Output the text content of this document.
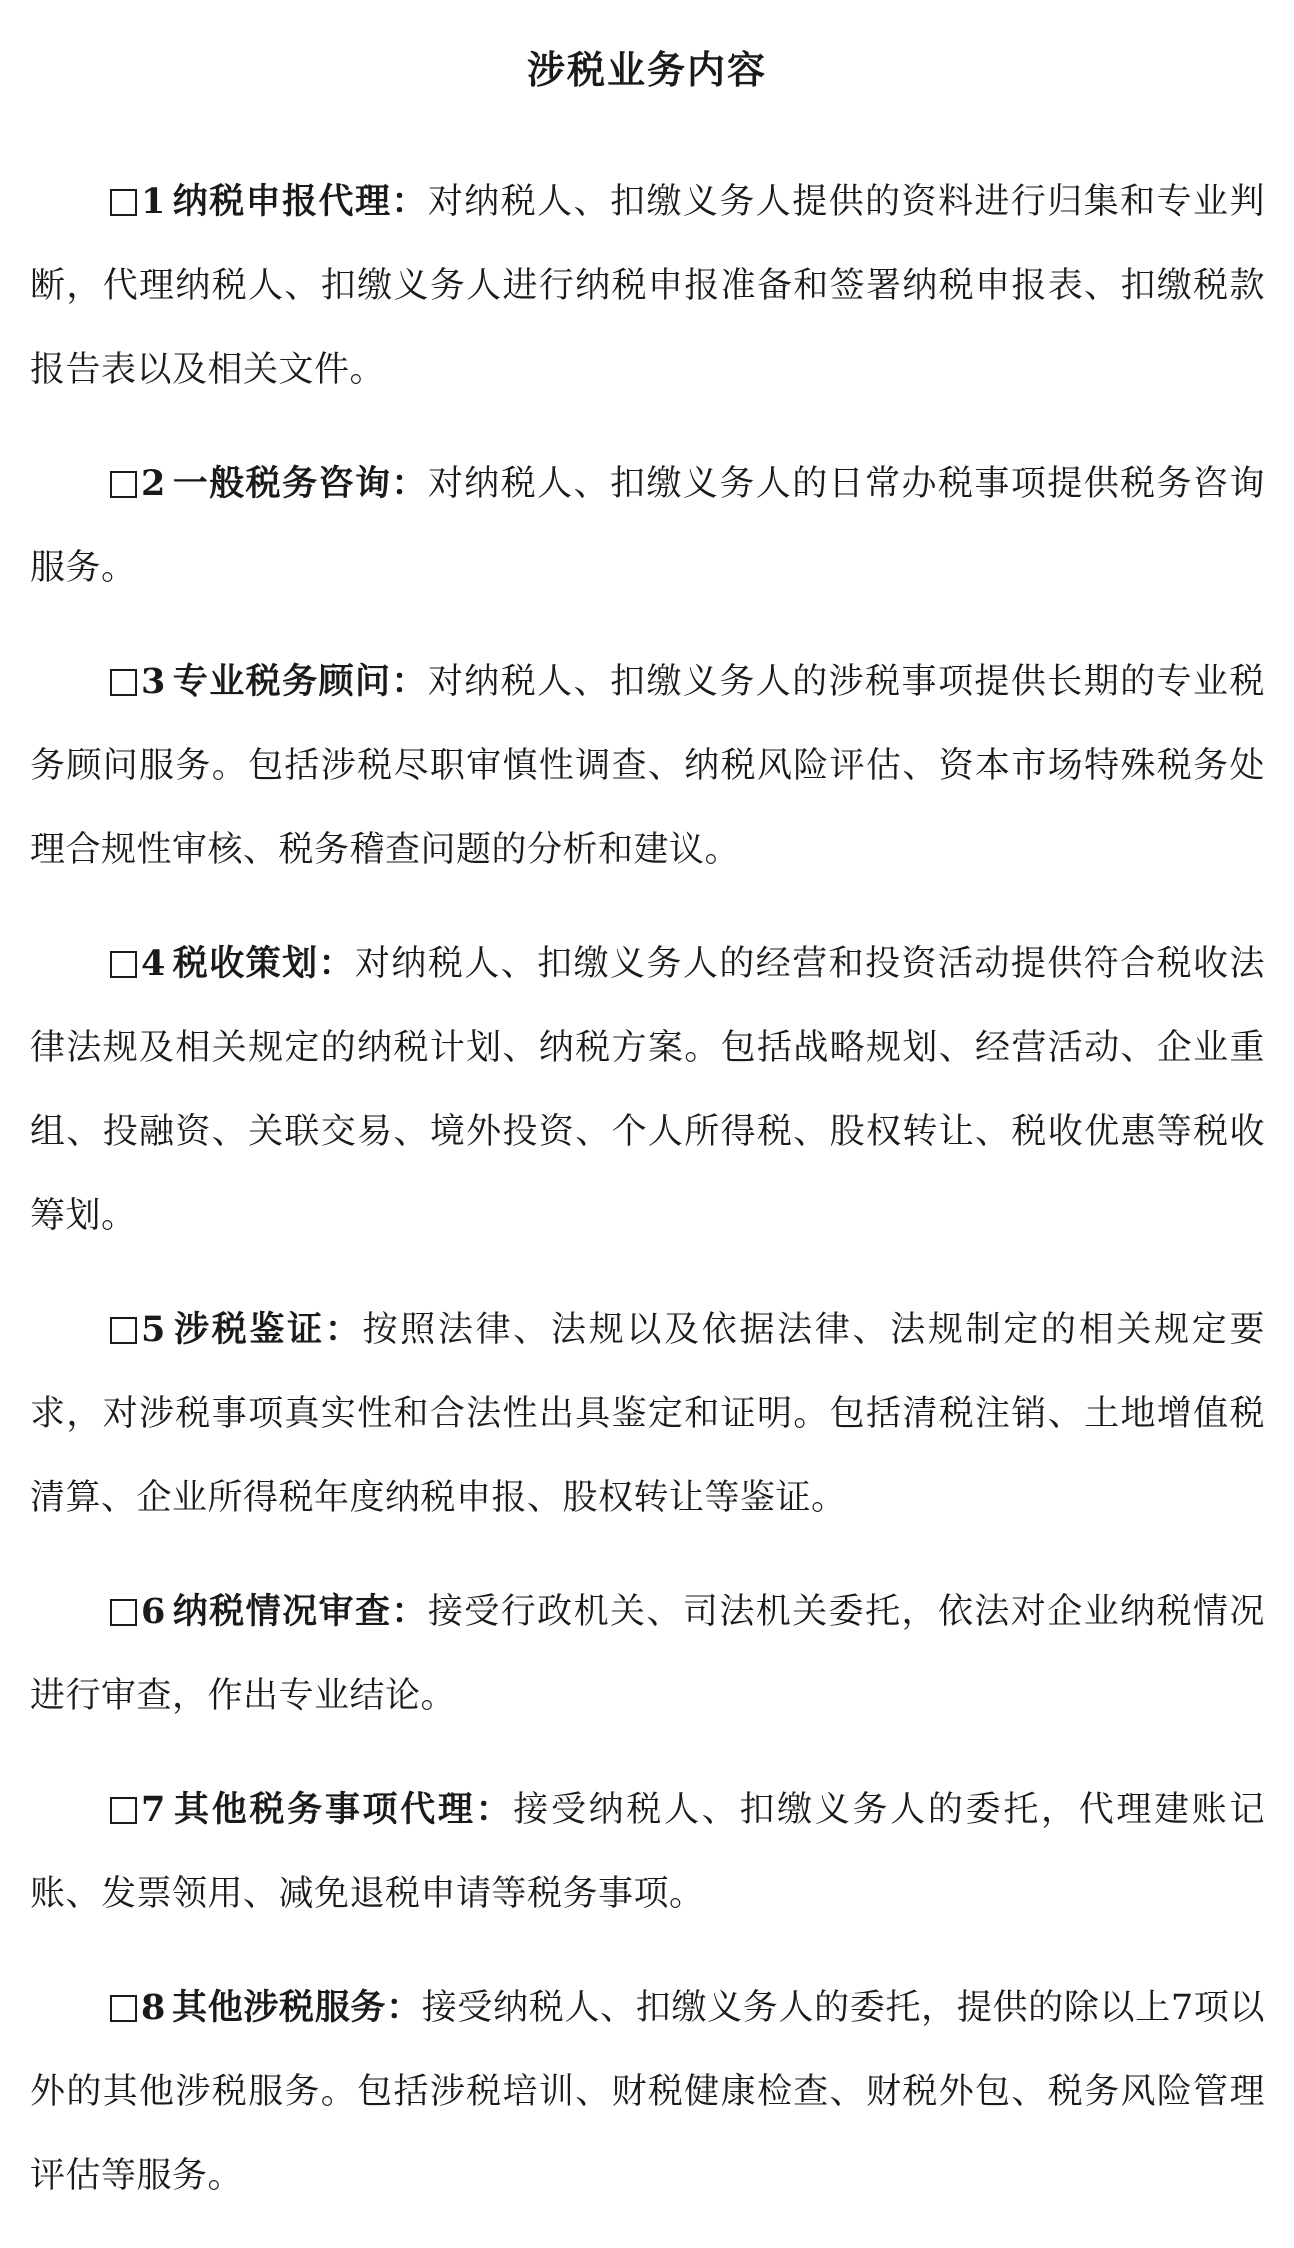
涉税业务内容

1 纳税申报代理：对纳税人、扣缴义务人提供的资料进行归集和专业判断，代理纳税人、扣缴义务人进行纳税申报准备和签署纳税申报表、扣缴税款报告表以及相关文件。

2 一般税务咨询：对纳税人、扣缴义务人的日常办税事项提供税务咨询服务。

3 专业税务顾问：对纳税人、扣缴义务人的涉税事项提供长期的专业税务顾问服务。包括涉税尽职审慎性调查、纳税风险评估、资本市场特殊税务处理合规性审核、税务稽查问题的分析和建议。

4 税收策划：对纳税人、扣缴义务人的经营和投资活动提供符合税收法律法规及相关规定的纳税计划、纳税方案。包括战略规划、经营活动、企业重组、投融资、关联交易、境外投资、个人所得税、股权转让、税收优惠等税收筹划。

5 涉税鉴证：按照法律、法规以及依据法律、法规制定的相关规定要求，对涉税事项真实性和合法性出具鉴定和证明。包括清税注销、土地增值税清算、企业所得税年度纳税申报、股权转让等鉴证。

6 纳税情况审查：接受行政机关、司法机关委托，依法对企业纳税情况进行审查，作出专业结论。

7 其他税务事项代理：接受纳税人、扣缴义务人的委托，代理建账记账、发票领用、减免退税申请等税务事项。

8 其他涉税服务：接受纳税人、扣缴义务人的委托，提供的除以上7项以外的其他涉税服务。包括涉税培训、财税健康检查、财税外包、税务风险管理评估等服务。
